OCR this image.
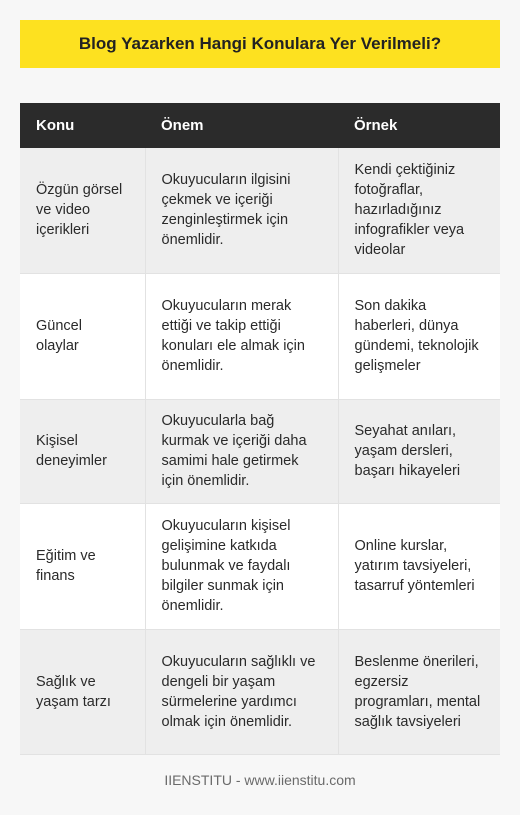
Blog Yazarken Hangi Konulara Yer Verilmeli?
Konu	Önem	Örnek
Özgün görsel ve video içerikleri	Okuyucuların ilgisini çekmek ve içeriği zenginleştirmek için önemlidir.	Kendi çektiğiniz fotoğraflar, hazırladığınız infografikler veya videolar
Güncel olaylar	Okuyucuların merak ettiği ve takip ettiği konuları ele almak için önemlidir.	Son dakika haberleri, dünya gündemi, teknolojik gelişmeler
Kişisel deneyimler	Okuyucularla bağ kurmak ve içeriği daha samimi hale getirmek için önemlidir.	Seyahat anıları, yaşam dersleri, başarı hikayeleri
Eğitim ve finans	Okuyucuların kişisel gelişimine katkıda bulunmak ve faydalı bilgiler sunmak için önemlidir.	Online kurslar, yatırım tavsiyeleri, tasarruf yöntemleri
Sağlık ve yaşam tarzı	Okuyucuların sağlıklı ve dengeli bir yaşam sürmelerine yardımcı olmak için önemlidir.	Beslenme önerileri, egzersiz programları, mental sağlık tavsiyeleri
IIENSTITU - www.iienstitu.com
